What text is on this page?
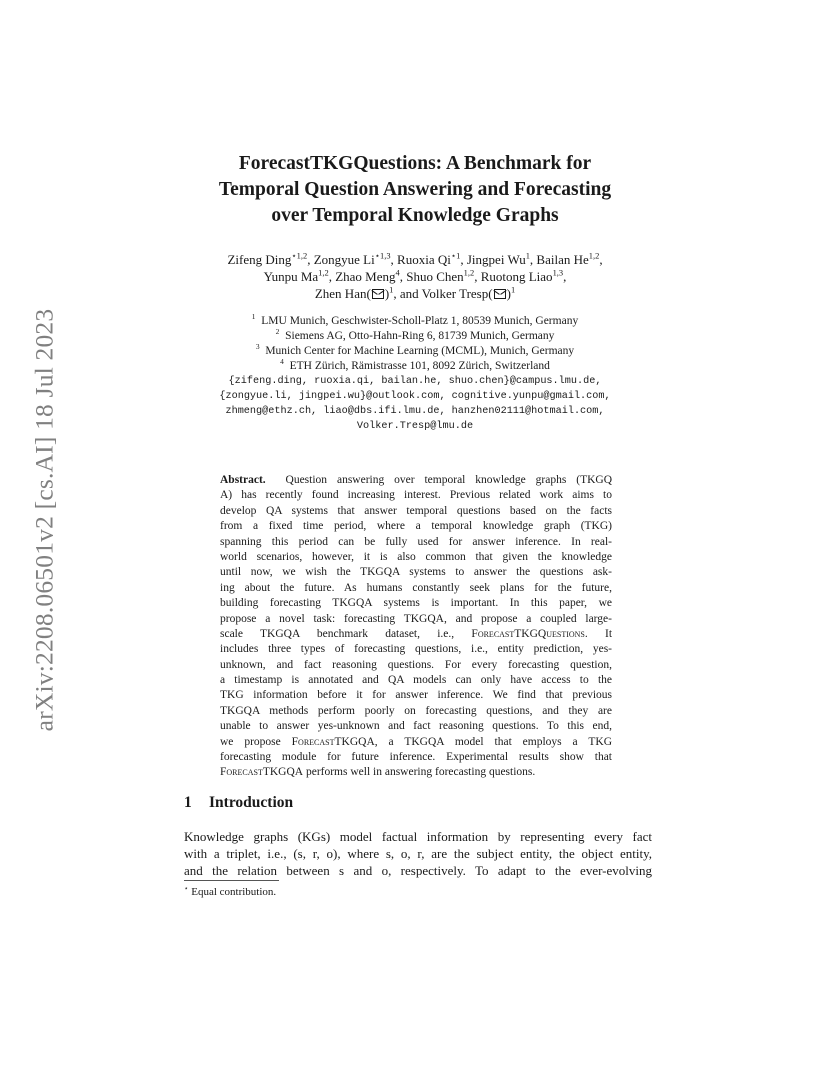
arXiv:2208.06501v2 [cs.AI] 18 Jul 2023
ForecastTKGQuestions: A Benchmark for
Temporal Question Answering and Forecasting
over Temporal Knowledge Graphs
Zifeng Ding$^{⋆1,2}$, Zongyue $Li^{⋆1,3}$, Ruoxia $Qi^{⋆1}$, Jingpei Wu$^1$, Bailan He$^{1,2}$,
Yunpu Ma$^{1,2}$, Zhao Meng$^4$, Shuo Chen$^{1,2}$, Ruotong Liao$^{1,3}$,
Zhen Han( )$^1$, and Volker Tresp( )$^1$
$^1$ LMU Munich, Geschwister-Scholl-Platz 1, 80539 Munich, Germany
$^2$ Siemens AG, Otto-Hahn-Ring 6, 81739 Munich, Germany
$^3$ Munich Center for Machine Learning (MCML), Munich, Germany
$^4$ ETH Zürich, Rämistrasse 101, 8092 Zürich, Switzerland
{zifeng.ding, ruoxia.qi, bailan.he, shuo.chen}@campus.lmu.de,
{zongyue.li, jingpei.wu}@outlook.com, cognitive.yunpu@gmail.com,
zhmeng@ethz.ch, liao@dbs.ifi.lmu.de, hanzhen02111@hotmail.com,
Volker.Tresp@lmu.de
Abstract. Question answering over temporal knowledge graphs (TKGQ
A) has recently found increasing interest. Previous related work aims to
develop QA systems that answer temporal questions based on the facts
from a fixed time period, where a temporal knowledge graph (TKG)
spanning this period can be fully used for answer inference. In real-
world scenarios, however, it is also common that given the knowledge
until now, we wish the TKGQA systems to answer the questions ask-
ing about the future. As humans constantly seek plans for the future,
building forecasting TKGQA systems is important. In this paper, we
propose a novel task: forecasting TKGQA, and propose a coupled large-
scale TKGQA benchmark dataset, i.e., ForecastTKGQuestions. It
includes three types of forecasting questions, i.e., entity prediction, yes-
unknown, and fact reasoning questions. For every forecasting question,
a timestamp is annotated and QA models can only have access to the
TKG information before it for answer inference. We find that previous
TKGQA methods perform poorly on forecasting questions, and they are
unable to answer yes-unknown and fact reasoning questions. To this end,
we propose ForecastTKGQA, a TKGQA model that employs a TKG
forecasting module for future inference. Experimental results show that
ForecastTKGQA performs well in answering forecasting questions.
1 Introduction
Knowledge graphs (KGs) model factual information by representing every fact
with a triplet, i.e., (s, r, o), where s, o, r, are the subject entity, the object entity,
and the relation between s and o, respectively. To adapt to the ever-evolving
⋆ Equal contribution.
